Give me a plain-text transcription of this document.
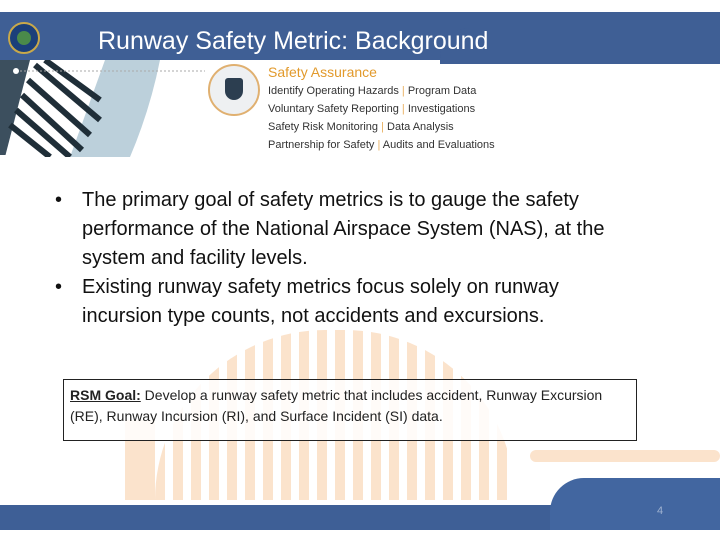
Runway Safety Metric: Background
Safety Assurance
Identify Operating Hazards | Program Data
Voluntary Safety Reporting | Investigations
Safety Risk Monitoring | Data Analysis
Partnership for Safety | Audits and Evaluations
• The primary goal of safety metrics is to gauge the safety performance of the National Airspace System (NAS), at the system and facility levels.
• Existing runway safety metrics focus solely on runway incursion type counts, not accidents and excursions.
RSM Goal: Develop a runway safety metric that includes accident, Runway Excursion (RE), Runway Incursion (RI), and Surface Incident (SI) data.
4
